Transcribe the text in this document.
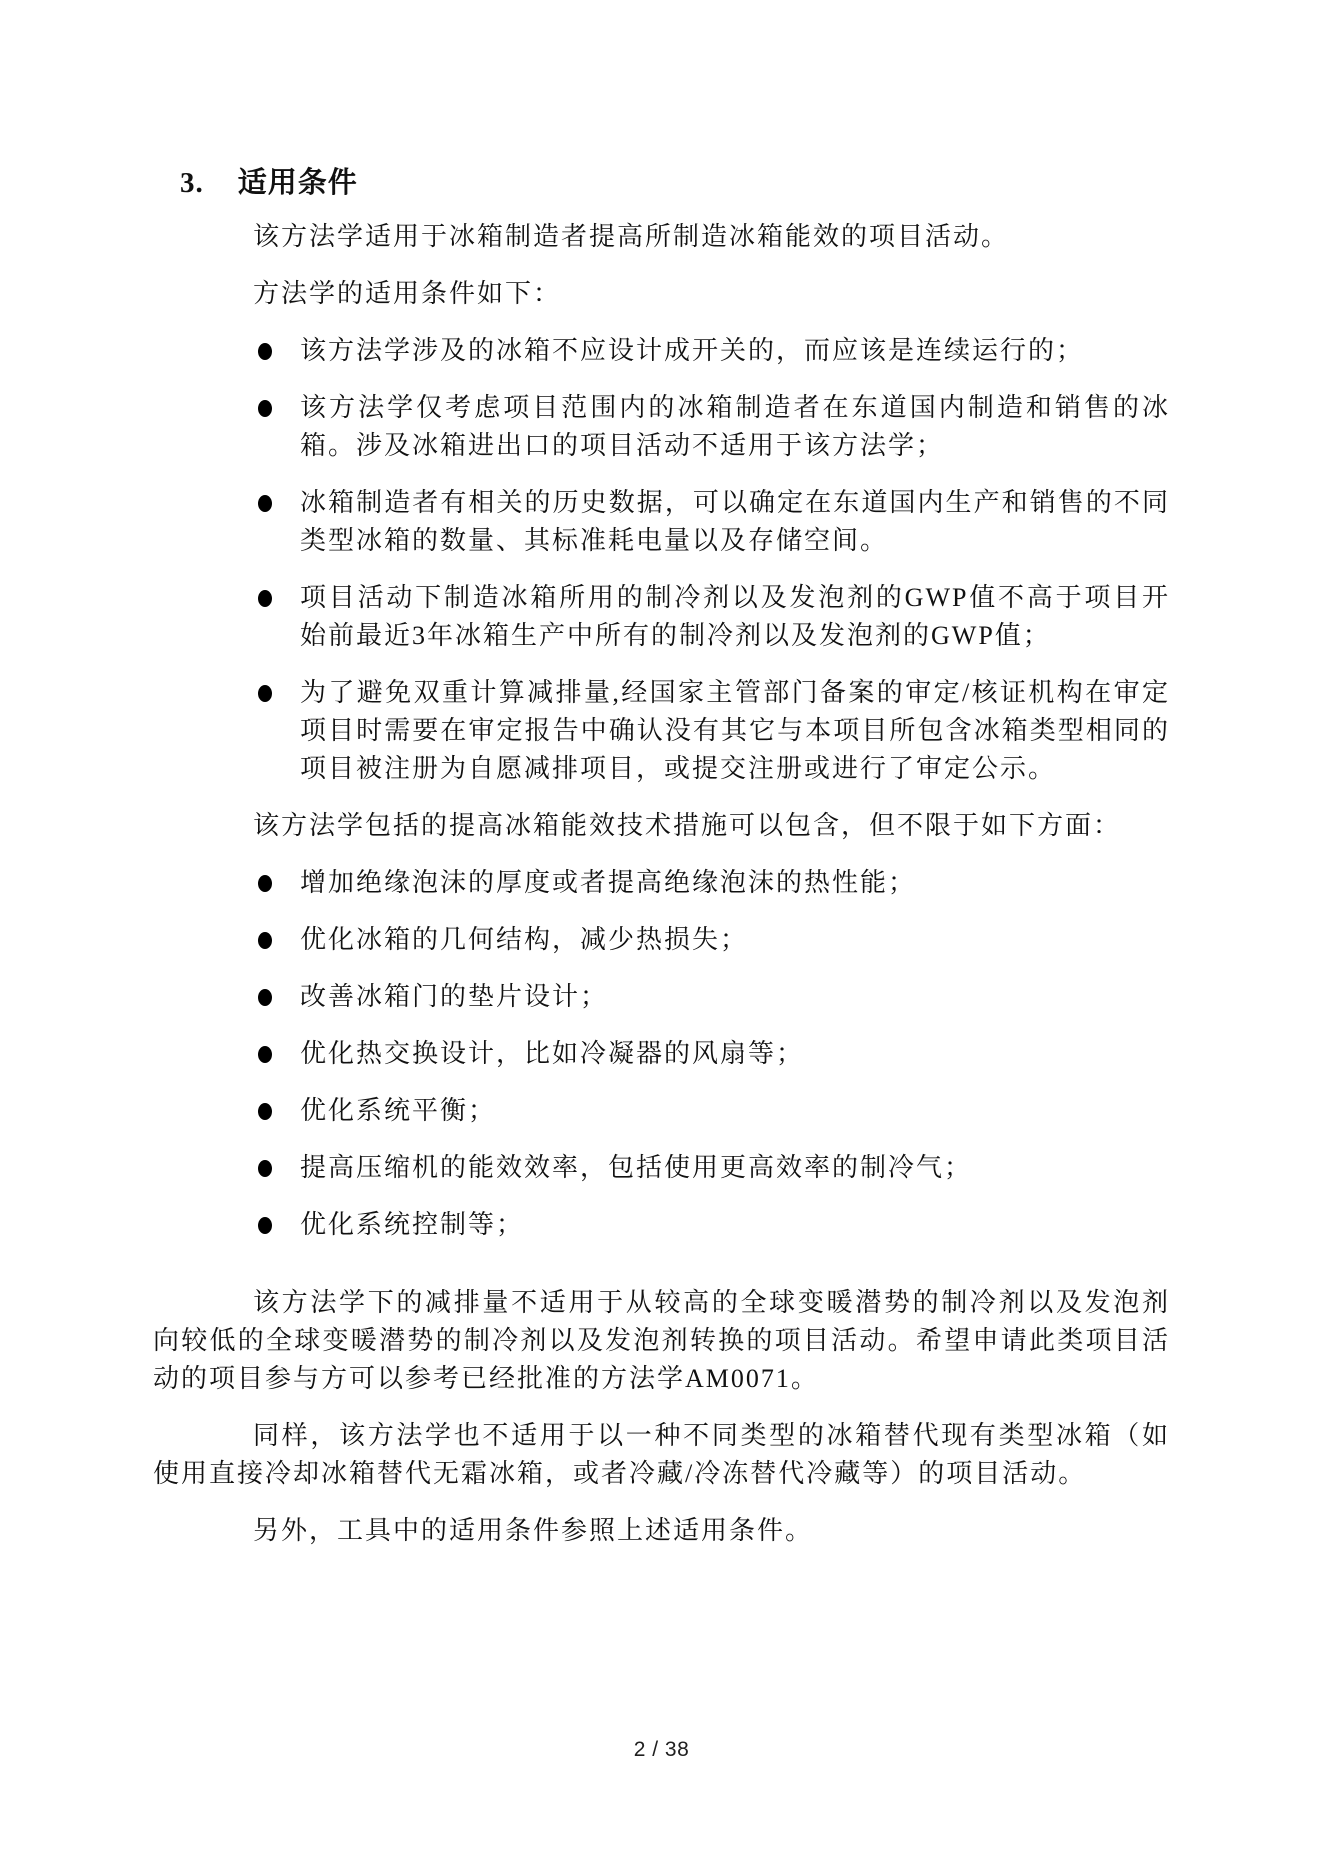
3. 适用条件

该方法学适用于冰箱制造者提高所制造冰箱能效的项目活动。

方法学的适用条件如下：

该方法学涉及的冰箱不应设计成开关的，而应该是连续运行的；
该方法学仅考虑项目范围内的冰箱制造者在东道国内制造和销售的冰箱。涉及冰箱进出口的项目活动不适用于该方法学；
冰箱制造者有相关的历史数据，可以确定在东道国内生产和销售的不同类型冰箱的数量、其标准耗电量以及存储空间。
项目活动下制造冰箱所用的制冷剂以及发泡剂的GWP值不高于项目开始前最近3年冰箱生产中所有的制冷剂以及发泡剂的GWP值；
为了避免双重计算减排量,经国家主管部门备案的审定/核证机构在审定项目时需要在审定报告中确认没有其它与本项目所包含冰箱类型相同的项目被注册为自愿减排项目，或提交注册或进行了审定公示。

该方法学包括的提高冰箱能效技术措施可以包含，但不限于如下方面：

增加绝缘泡沫的厚度或者提高绝缘泡沫的热性能；
优化冰箱的几何结构，减少热损失；
改善冰箱门的垫片设计；
优化热交换设计，比如冷凝器的风扇等；
优化系统平衡；
提高压缩机的能效效率，包括使用更高效率的制冷气；
优化系统控制等；

该方法学下的减排量不适用于从较高的全球变暖潜势的制冷剂以及发泡剂向较低的全球变暖潜势的制冷剂以及发泡剂转换的项目活动。希望申请此类项目活动的项目参与方可以参考已经批准的方法学AM0071。

同样，该方法学也不适用于以一种不同类型的冰箱替代现有类型冰箱（如使用直接冷却冰箱替代无霜冰箱，或者冷藏/冷冻替代冷藏等）的项目活动。

另外，工具中的适用条件参照上述适用条件。

2 / 38
